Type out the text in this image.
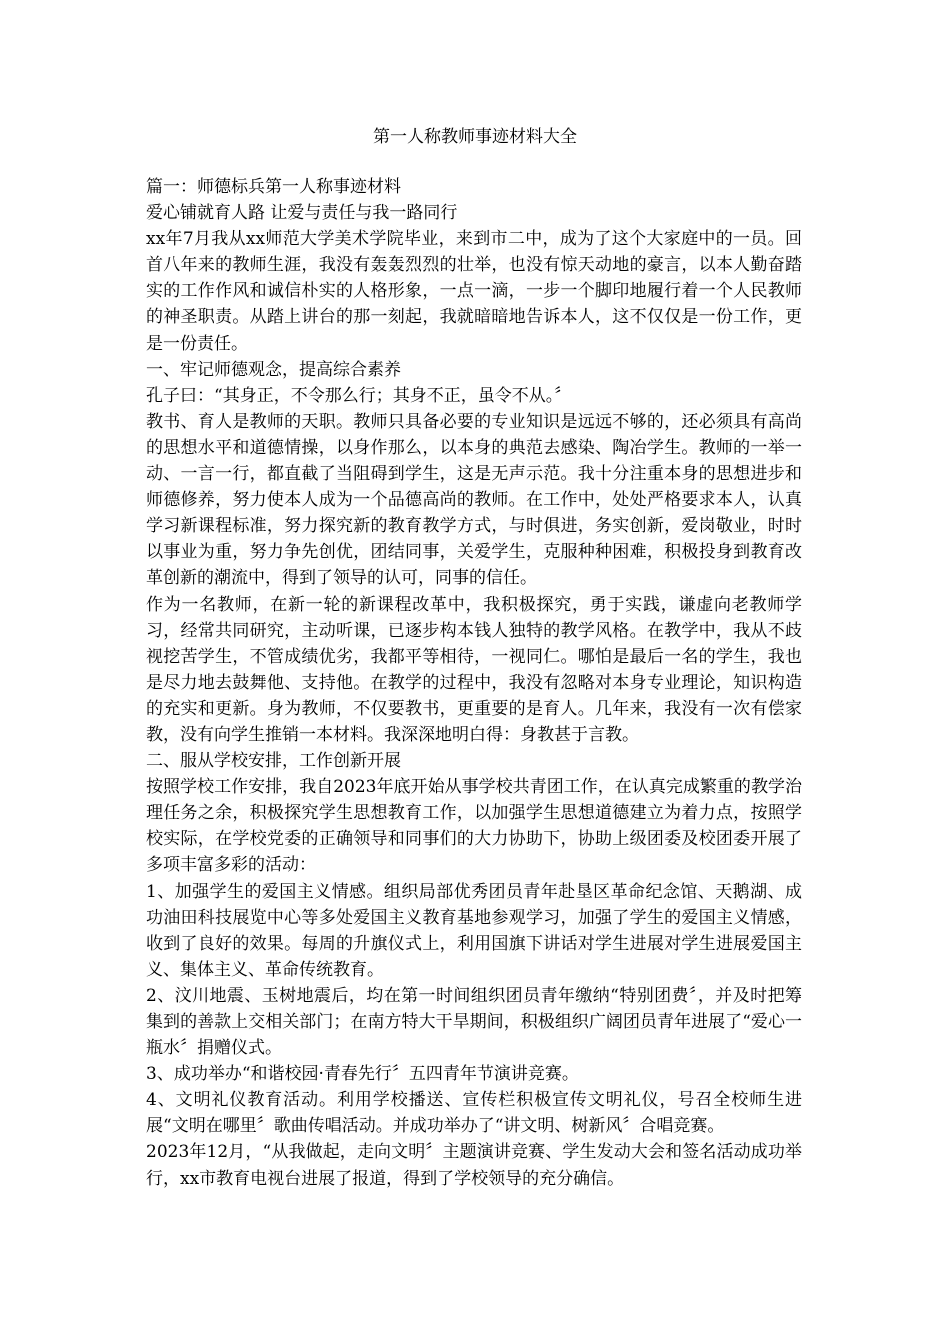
第一人称教师事迹材料大全

篇一：师德标兵第一人称事迹材料

爱心铺就育人路 让爱与责任与我一路同行

xx年7月我从xx师范大学美术学院毕业，来到市二中，成为了这个大家庭中的一员。回首八年来的教师生涯，我没有轰轰烈烈的壮举，也没有惊天动地的豪言，以本人勤奋踏实的工作作风和诚信朴实的人格形象，一点一滴，一步一个脚印地履行着一个人民教师的神圣职责。从踏上讲台的那一刻起，我就暗暗地告诉本人，这不仅仅是一份工作，更是一份责任。

一、牢记师德观念，提高综合素养

孔子曰：“其身正，不令那么行；其身不正，虽令不从。〞

教书、育人是教师的天职。教师只具备必要的专业知识是远远不够的，还必须具有高尚的思想水平和道德情操，以身作那么，以本身的典范去感染、陶冶学生。教师的一举一动、一言一行，都直截了当阻碍到学生，这是无声示范。我十分注重本身的思想进步和师德修养，努力使本人成为一个品德高尚的教师。在工作中，处处严格要求本人，认真学习新课程标准，努力探究新的教育教学方式，与时俱进，务实创新，爱岗敬业，时时以事业为重，努力争先创优，团结同事，关爱学生，克服种种困难，积极投身到教育改革创新的潮流中，得到了领导的认可，同事的信任。

作为一名教师，在新一轮的新课程改革中，我积极探究，勇于实践，谦虚向老教师学习，经常共同研究，主动听课，已逐步构本钱人独特的教学风格。在教学中，我从不歧视挖苦学生，不管成绩优劣，我都平等相待，一视同仁。哪怕是最后一名的学生，我也是尽力地去鼓舞他、支持他。在教学的过程中，我没有忽略对本身专业理论，知识构造的充实和更新。身为教师，不仅要教书，更重要的是育人。几年来，我没有一次有偿家教，没有向学生推销一本材料。我深深地明白得：身教甚于言教。

二、服从学校安排，工作创新开展

按照学校工作安排，我自2023年底开始从事学校共青团工作，在认真完成繁重的教学治理任务之余，积极探究学生思想教育工作，以加强学生思想道德建立为着力点，按照学校实际，在学校党委的正确领导和同事们的大力协助下，协助上级团委及校团委开展了多项丰富多彩的活动：

1、加强学生的爱国主义情感。组织局部优秀团员青年赴垦区革命纪念馆、天鹅湖、成功油田科技展览中心等多处爱国主义教育基地参观学习，加强了学生的爱国主义情感，收到了良好的效果。每周的升旗仪式上，利用国旗下讲话对学生进展对学生进展爱国主义、集体主义、革命传统教育。

2、汶川地震、玉树地震后，均在第一时间组织团员青年缴纳“特别团费〞，并及时把筹集到的善款上交相关部门；在南方特大干旱期间，积极组织广阔团员青年进展了“爱心一瓶水〞捐赠仪式。

3、成功举办“和谐校园·青春先行〞五四青年节演讲竞赛。

4、文明礼仪教育活动。利用学校播送、宣传栏积极宣传文明礼仪，号召全校师生进展“文明在哪里〞歌曲传唱活动。并成功举办了“讲文明、树新风〞合唱竞赛。

2023年12月，“从我做起，走向文明〞主题演讲竞赛、学生发动大会和签名活动成功举行，xx市教育电视台进展了报道，得到了学校领导的充分确信。
